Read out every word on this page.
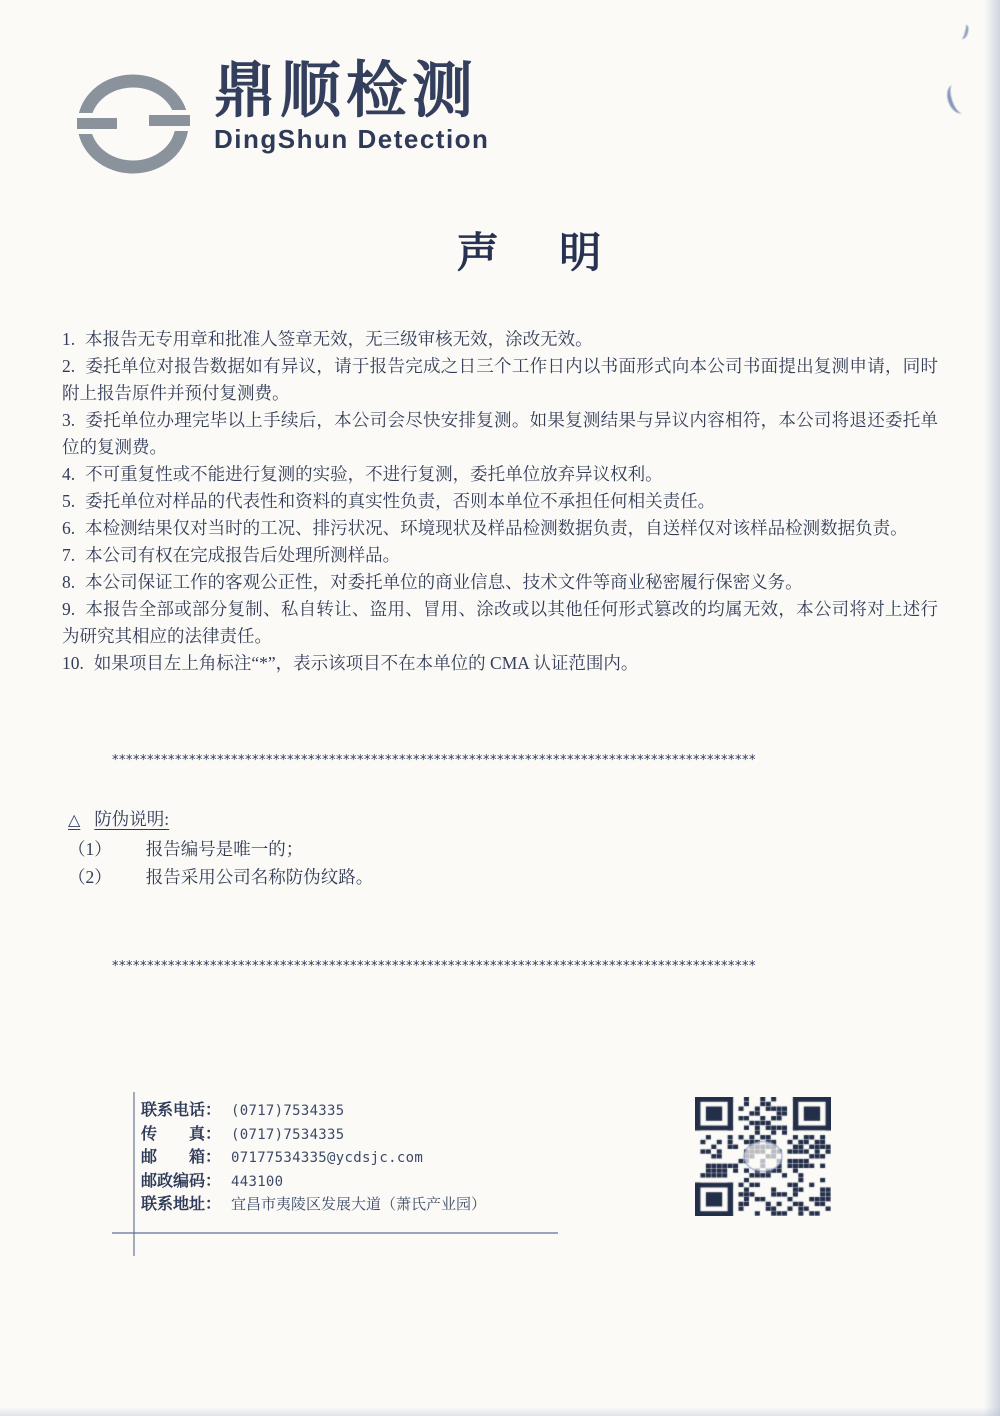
鼎顺检测
DingShun Detection
声 明

1. 本报告无专用章和批准人签章无效，无三级审核无效，涂改无效。

2. 委托单位对报告数据如有异议，请于报告完成之日三个工作日内以书面形式向本公司书面提出复测申请，同时附上报告原件并预付复测费。

3. 委托单位办理完毕以上手续后，本公司会尽快安排复测。如果复测结果与异议内容相符，本公司将退还委托单位的复测费。

4. 不可重复性或不能进行复测的实验，不进行复测，委托单位放弃异议权利。

5. 委托单位对样品的代表性和资料的真实性负责，否则本单位不承担任何相关责任。

6. 本检测结果仅对当时的工况、排污状况、环境现状及样品检测数据负责，自送样仅对该样品检测数据负责。

7. 本公司有权在完成报告后处理所测样品。

8. 本公司保证工作的客观公正性，对委托单位的商业信息、技术文件等商业秘密履行保密义务。

9. 本报告全部或部分复制、私自转让、盗用、冒用、涂改或以其他任何形式篡改的均属无效，本公司将对上述行为研究其相应的法律责任。

10. 如果项目左上角标注“*”，表示该项目不在本单位的 CMA 认证范围内。

********************************************************************************************
△ 防伪说明:

（1） 报告编号是唯一的；

（2） 报告采用公司名称防伪纹路。

********************************************************************************************
联系电话： (0717)7534335
传　　真： (0717)7534335
邮　　箱： 07177534335@ycdsjc.com
邮政编码： 443100
联系地址： 宜昌市夷陵区发展大道（萧氏产业园）
